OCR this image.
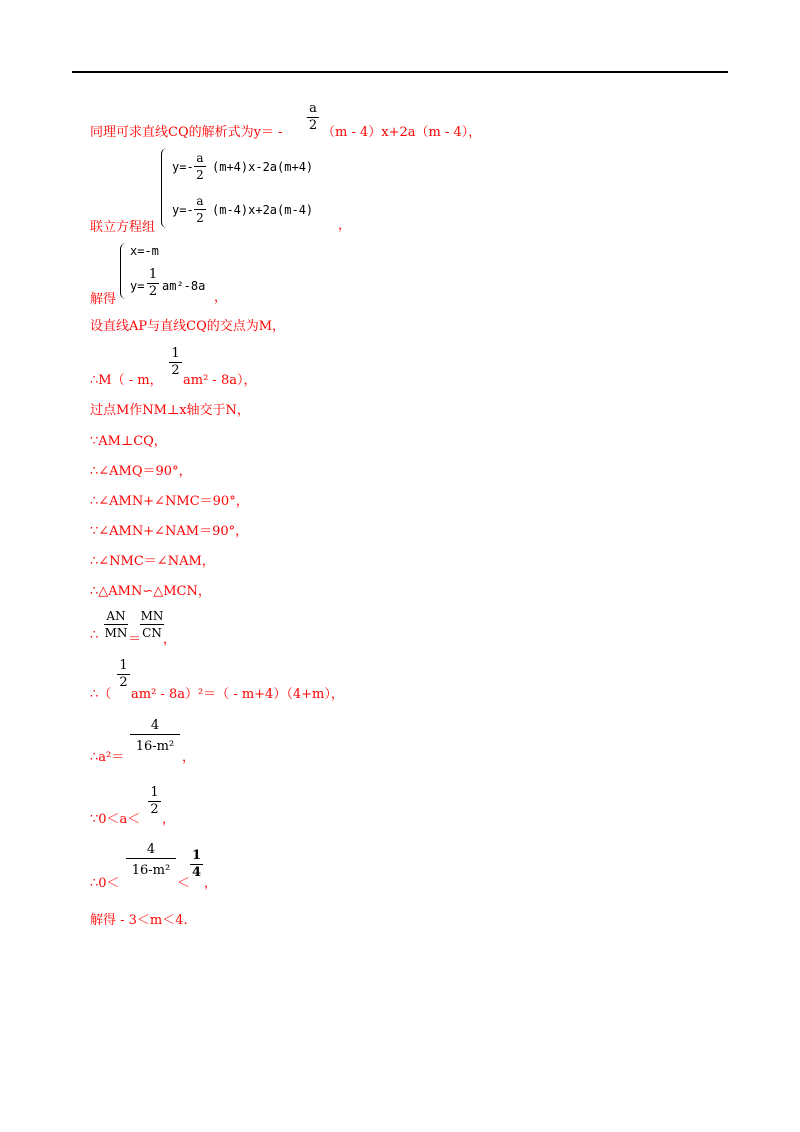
同理可求直线CQ的解析式为$y= - \frac{a}{2} (m - 4)x+2a(m - 4)$，
$y=- \frac{a}{2} (m+4)x-2a(m+4)$
$y=- \frac{a}{2} (m-4)x+2a(m-4)$
联立方程组	，
x=-m
$y= \frac{1}{2} am^2-8a$
解得	，
设直线AP与直线CQ的交点为M，
∴M（ - m，
$\frac{1}{2}$
am² - 8a），
过点M作NM⊥x轴交于N，
∵AM⊥CQ，
∴∠AMQ＝90°，
∴∠AMN+∠NMC＝90°，
∵∠AMN+∠NAM＝90°，
∴∠NMC＝∠NAM，
∴△AMN∽△MCN，
∴ $\frac{AN}{MN}$ ＝
$\frac{MN}{CN}$ ，
∴（
$\frac{1}{2}$
am² - 8a）²＝（ - m+4）（4+m），
∴a²＝
$\frac{4}{\text{16-m²}}$
，
∵0＜a＜
$\frac{1}{2}$
，
∴0＜
$\frac{4}{\text{16-m²}}$
＜
$\frac{1}{4}$
，
解得 - 3＜m＜4.
